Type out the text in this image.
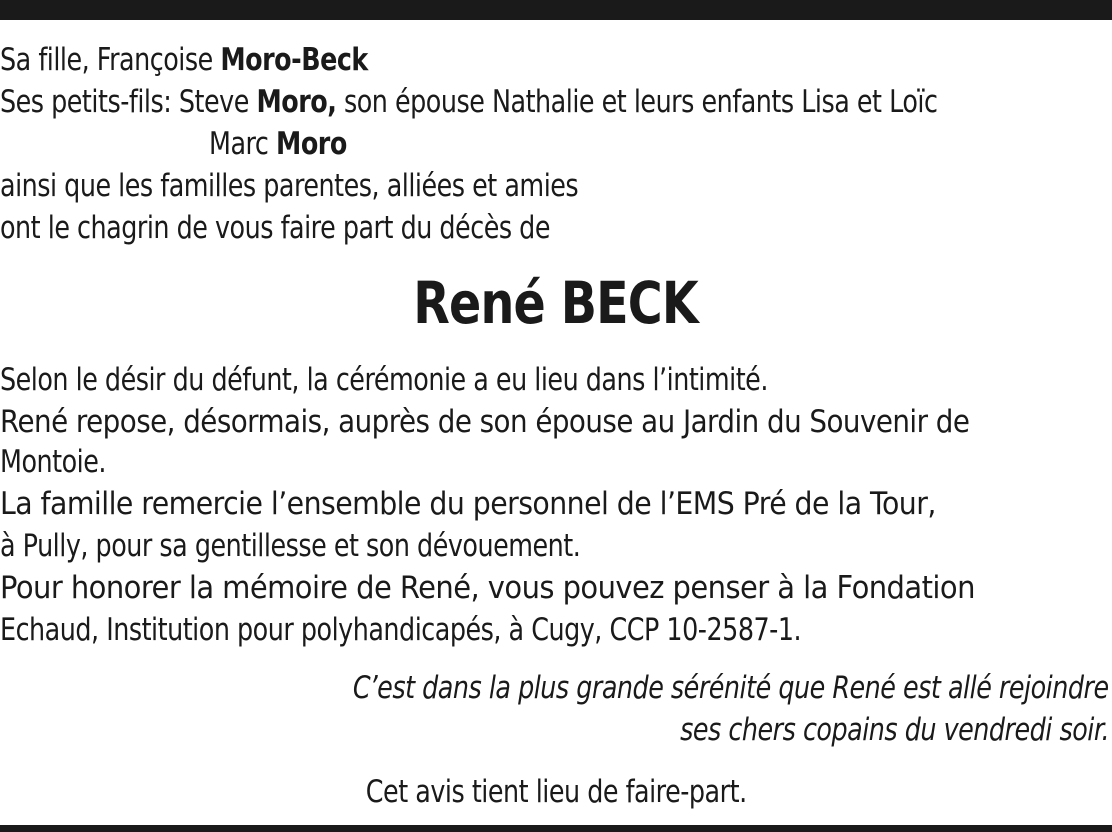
Sa fille, Françoise Moro-Beck
Ses petits-fils: Steve Moro, son épouse Nathalie et leurs enfants Lisa et Loïc
Marc Moro
ainsi que les familles parentes, alliées et amies
ont le chagrin de vous faire part du décès de
René BECK
Selon le désir du défunt, la cérémonie a eu lieu dans l’intimité.
René repose, désormais, auprès de son épouse au Jardin du Souvenir de
Montoie.
La famille remercie l’ensemble du personnel de l’EMS Pré de la Tour,
à Pully, pour sa gentillesse et son dévouement.
Pour honorer la mémoire de René, vous pouvez penser à la Fondation
Echaud, Institution pour polyhandicapés, à Cugy, CCP 10-2587-1.
C’est dans la plus grande sérénité que René est allé rejoindre
ses chers copains du vendredi soir.
Cet avis tient lieu de faire-part.
